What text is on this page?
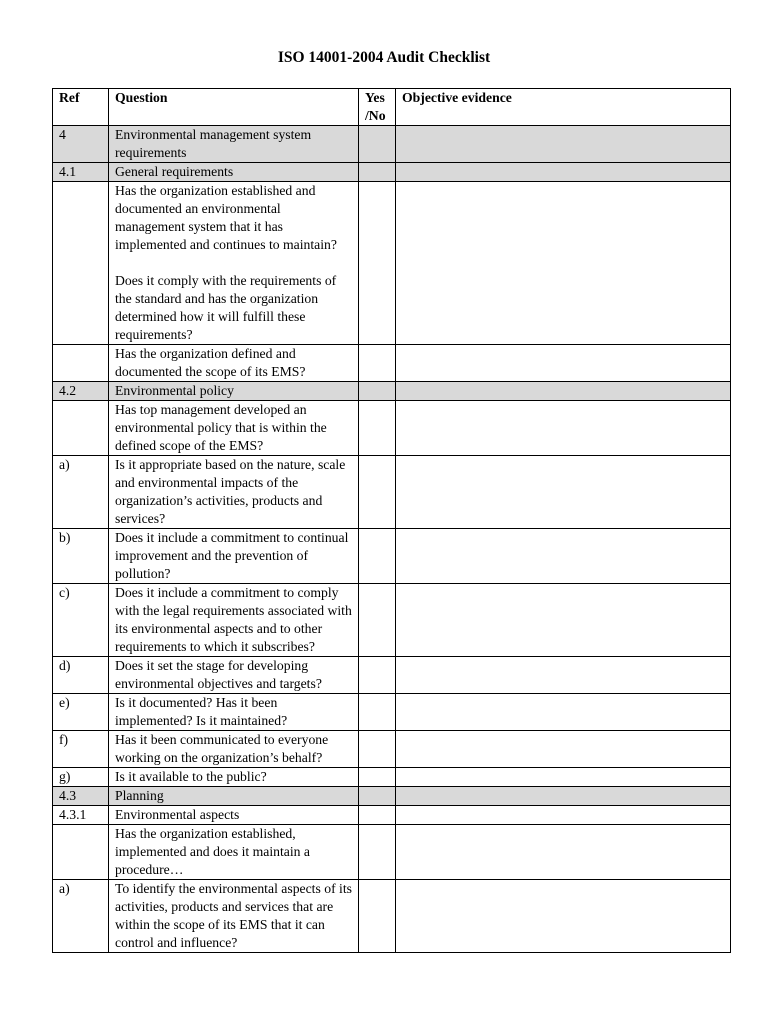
ISO 14001-2004 Audit Checklist
Ref	Question	Yes /No	Objective evidence
4	Environmental management system requirements		
4.1	General requirements		
	Has the organization established and documented an environmental management system that it has implemented and continues to maintain?
Does it comply with the requirements of the standard and has the organization determined how it will fulfill these requirements?		
	Has the organization defined and documented the scope of its EMS?		
4.2	Environmental policy		
	Has top management developed an environmental policy that is within the defined scope of the EMS?		
a)	Is it appropriate based on the nature, scale and environmental impacts of the organization’s activities, products and services?		
b)	Does it include a commitment to continual improvement and the prevention of pollution?		
c)	Does it include a commitment to comply with the legal requirements associated with its environmental aspects and to other requirements to which it subscribes?		
d)	Does it set the stage for developing environmental objectives and targets?		
e)	Is it documented? Has it been implemented? Is it maintained?		
f)	Has it been communicated to everyone working on the organization’s behalf?		
g)	Is it available to the public?		
4.3	Planning		
4.3.1	Environmental aspects		
	Has the organization established, implemented and does it maintain a procedure…		
a)	To identify the environmental aspects of its activities, products and services that are within the scope of its EMS that it can control and influence?		
